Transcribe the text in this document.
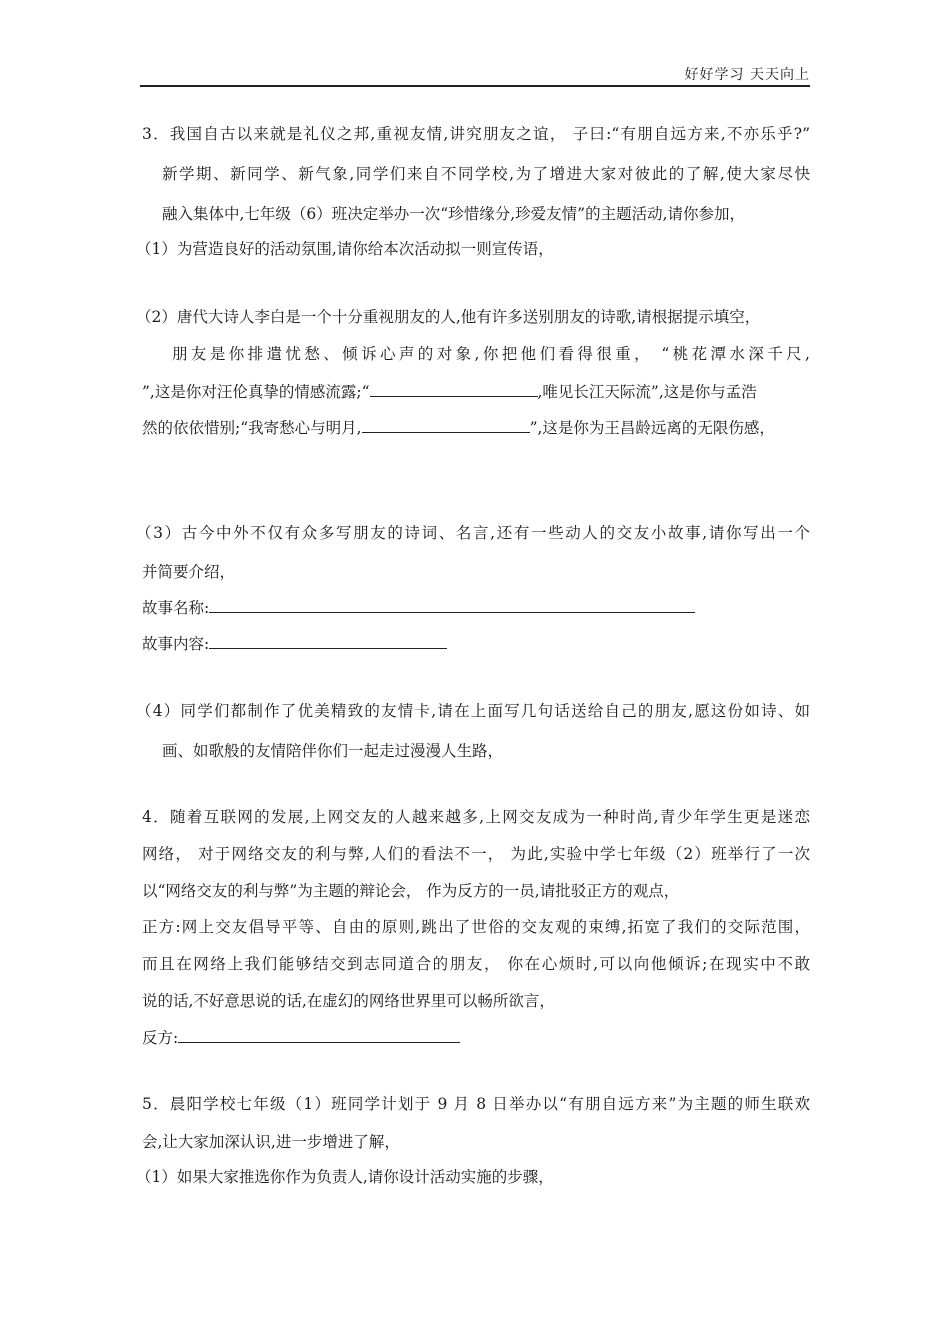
好好学习 天天向上
3．我国自古以来就是礼仪之邦,重视友情,讲究朋友之谊， 子曰:“有朋自远方来,不亦乐乎?”
新学期、新同学、新气象,同学们来自不同学校,为了增进大家对彼此的了解,使大家尽快
融入集体中,七年级（6）班决定举办一次“珍惜缘分,珍爱友情”的主题活动,请你参加，
（1）为营造良好的活动氛围,请你给本次活动拟一则宣传语，
（2）唐代大诗人李白是一个十分重视朋友的人,他有许多送别朋友的诗歌,请根据提示填空，
朋友是你排遣忧愁、倾诉心声的对象,你把他们看得很重， “桃花潭水深千尺,
”,这是你对汪伦真挚的情感流露;“	,唯见长江天际流”,这是你与孟浩
然的依依惜别;“我寄愁心与明月,	”,这是你为王昌龄远离的无限伤感，
（3）古今中外不仅有众多写朋友的诗词、名言,还有一些动人的交友小故事,请你写出一个
并简要介绍，
故事名称:
故事内容:
（4）同学们都制作了优美精致的友情卡,请在上面写几句话送给自己的朋友,愿这份如诗、如
画、如歌般的友情陪伴你们一起走过漫漫人生路，
4．随着互联网的发展,上网交友的人越来越多,上网交友成为一种时尚,青少年学生更是迷恋
网络， 对于网络交友的利与弊,人们的看法不一， 为此,实验中学七年级（2）班举行了一次
以“网络交友的利与弊”为主题的辩论会， 作为反方的一员,请批驳正方的观点，
正方:网上交友倡导平等、自由的原则,跳出了世俗的交友观的束缚,拓宽了我们的交际范围，
而且在网络上我们能够结交到志同道合的朋友， 你在心烦时,可以向他倾诉;在现实中不敢
说的话,不好意思说的话,在虚幻的网络世界里可以畅所欲言，
反方:
5．晨阳学校七年级（1）班同学计划于 9 月 8 日举办以“有朋自远方来”为主题的师生联欢
会,让大家加深认识,进一步增进了解，
（1）如果大家推选你作为负责人,请你设计活动实施的步骤，
